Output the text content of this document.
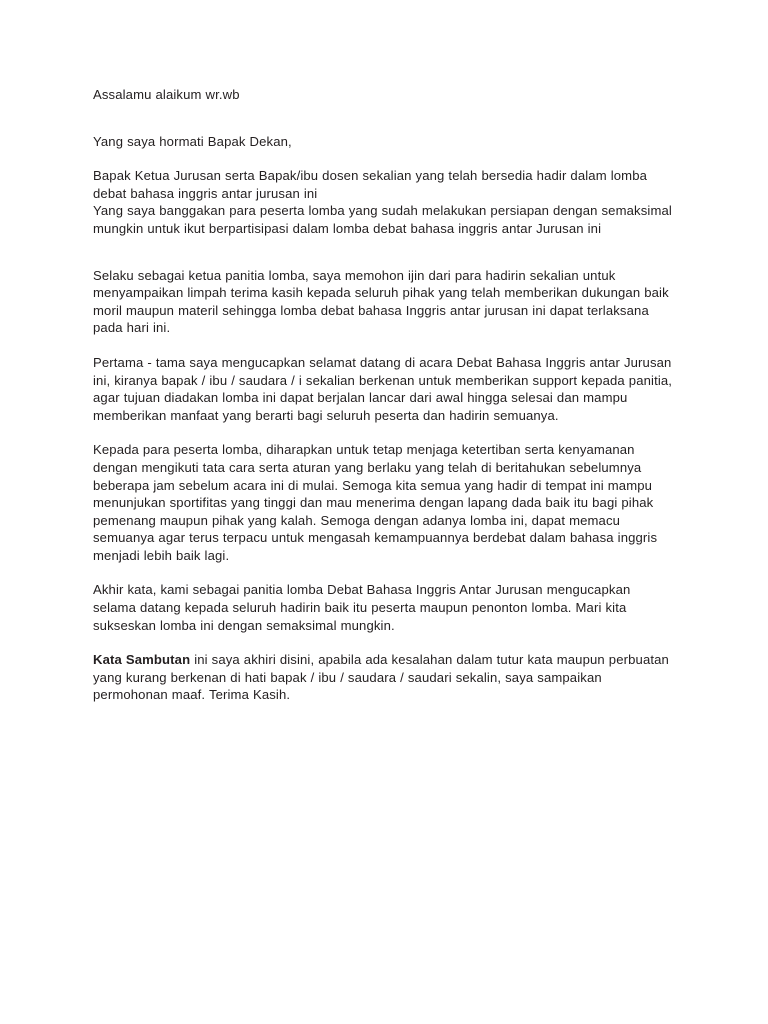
Assalamu alaikum wr.wb

Yang saya hormati Bapak Dekan,

Bapak Ketua Jurusan serta Bapak/ibu dosen sekalian yang telah bersedia hadir dalam lomba debat bahasa inggris antar jurusan ini

Yang saya banggakan para peserta lomba yang sudah melakukan persiapan dengan semaksimal mungkin untuk ikut berpartisipasi dalam lomba debat bahasa inggris antar Jurusan ini

Selaku sebagai ketua panitia lomba, saya memohon ijin dari para hadirin sekalian untuk menyampaikan limpah terima kasih kepada seluruh pihak yang telah memberikan dukungan baik moril maupun materil sehingga lomba debat bahasa Inggris antar jurusan ini dapat terlaksana pada hari ini.

Pertama - tama saya mengucapkan selamat datang di acara Debat Bahasa Inggris antar Jurusan ini, kiranya bapak / ibu / saudara / i sekalian berkenan untuk memberikan support kepada panitia, agar tujuan diadakan lomba ini dapat berjalan lancar dari awal hingga selesai dan mampu memberikan manfaat yang berarti bagi seluruh peserta dan hadirin semuanya.

Kepada para peserta lomba, diharapkan untuk tetap menjaga ketertiban serta kenyamanan dengan mengikuti tata cara serta aturan yang berlaku yang telah di beritahukan sebelumnya beberapa jam sebelum acara ini di mulai. Semoga kita semua yang hadir di tempat ini mampu menunjukan sportifitas yang tinggi dan mau menerima dengan lapang dada baik itu bagi pihak pemenang maupun pihak yang kalah. Semoga dengan adanya lomba ini, dapat memacu semuanya agar terus terpacu untuk mengasah kemampuannya berdebat dalam bahasa inggris menjadi lebih baik lagi.

Akhir kata, kami sebagai panitia lomba Debat Bahasa Inggris Antar Jurusan mengucapkan selama datang kepada seluruh hadirin baik itu peserta maupun penonton lomba. Mari kita sukseskan lomba ini dengan semaksimal mungkin.

Kata Sambutan ini saya akhiri disini, apabila ada kesalahan dalam tutur kata maupun perbuatan yang kurang berkenan di hati bapak / ibu / saudara / saudari sekalin, saya sampaikan permohonan maaf. Terima Kasih.
